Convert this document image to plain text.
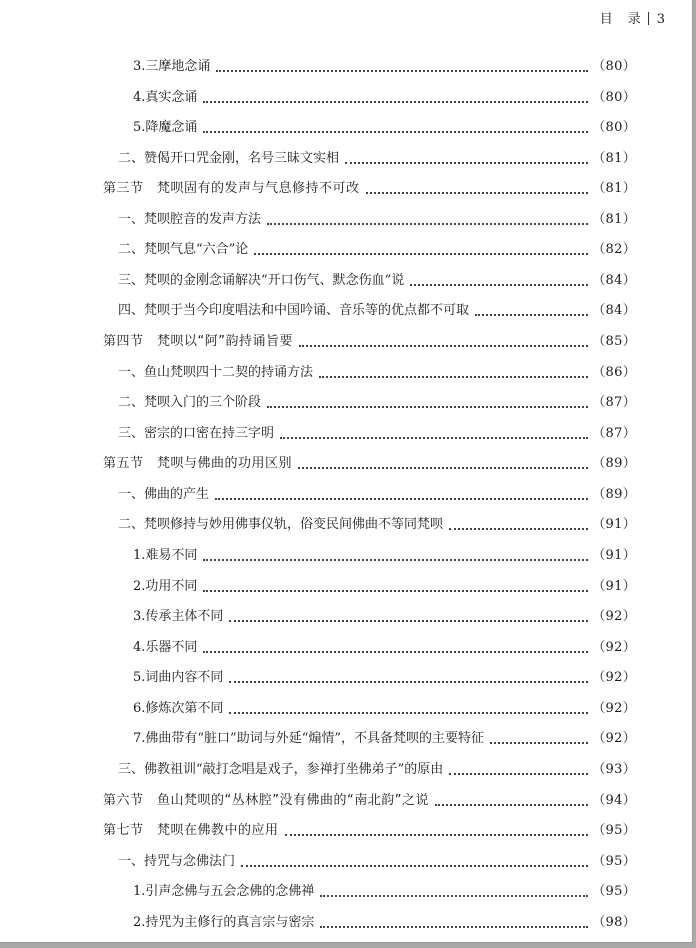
目　录 3
3.三摩地念诵	（80）
4.真实念诵	（80）
5.降魔念诵	（80）
二、赞偈开口咒金刚，名号三昧文实相	（81）
第三节　梵呗固有的发声与气息修持不可改	（81）
一、梵呗腔音的发声方法	（81）
二、梵呗气息“六合”论	（82）
三、梵呗的金刚念诵解决“开口伤气、默念伤血”说	（84）
四、梵呗于当今印度唱法和中国吟诵、音乐等的优点都不可取	（84）
第四节　梵呗以“阿”韵持诵旨要	（85）
一、鱼山梵呗四十二契的持诵方法	（86）
二、梵呗入门的三个阶段	（87）
三、密宗的口密在持三字明	（87）
第五节　梵呗与佛曲的功用区别	（89）
一、佛曲的产生	（89）
二、梵呗修持与妙用佛事仪轨，俗变民间佛曲不等同梵呗	（91）
1.难易不同	（91）
2.功用不同	（91）
3.传承主体不同	（92）
4.乐器不同	（92）
5.词曲内容不同	（92）
6.修炼次第不同	（92）
7.佛曲带有“脏口”助词与外延“煽情”，不具备梵呗的主要特征	（92）
三、佛教祖训“敲打念唱是戏子，参禅打坐佛弟子”的原由	（93）
第六节　鱼山梵呗的“丛林腔”没有佛曲的“南北韵”之说	（94）
第七节　梵呗在佛教中的应用	（95）
一、持咒与念佛法门	（95）
1.引声念佛与五会念佛的念佛禅	（95）
2.持咒为主修行的真言宗与密宗	（98）
